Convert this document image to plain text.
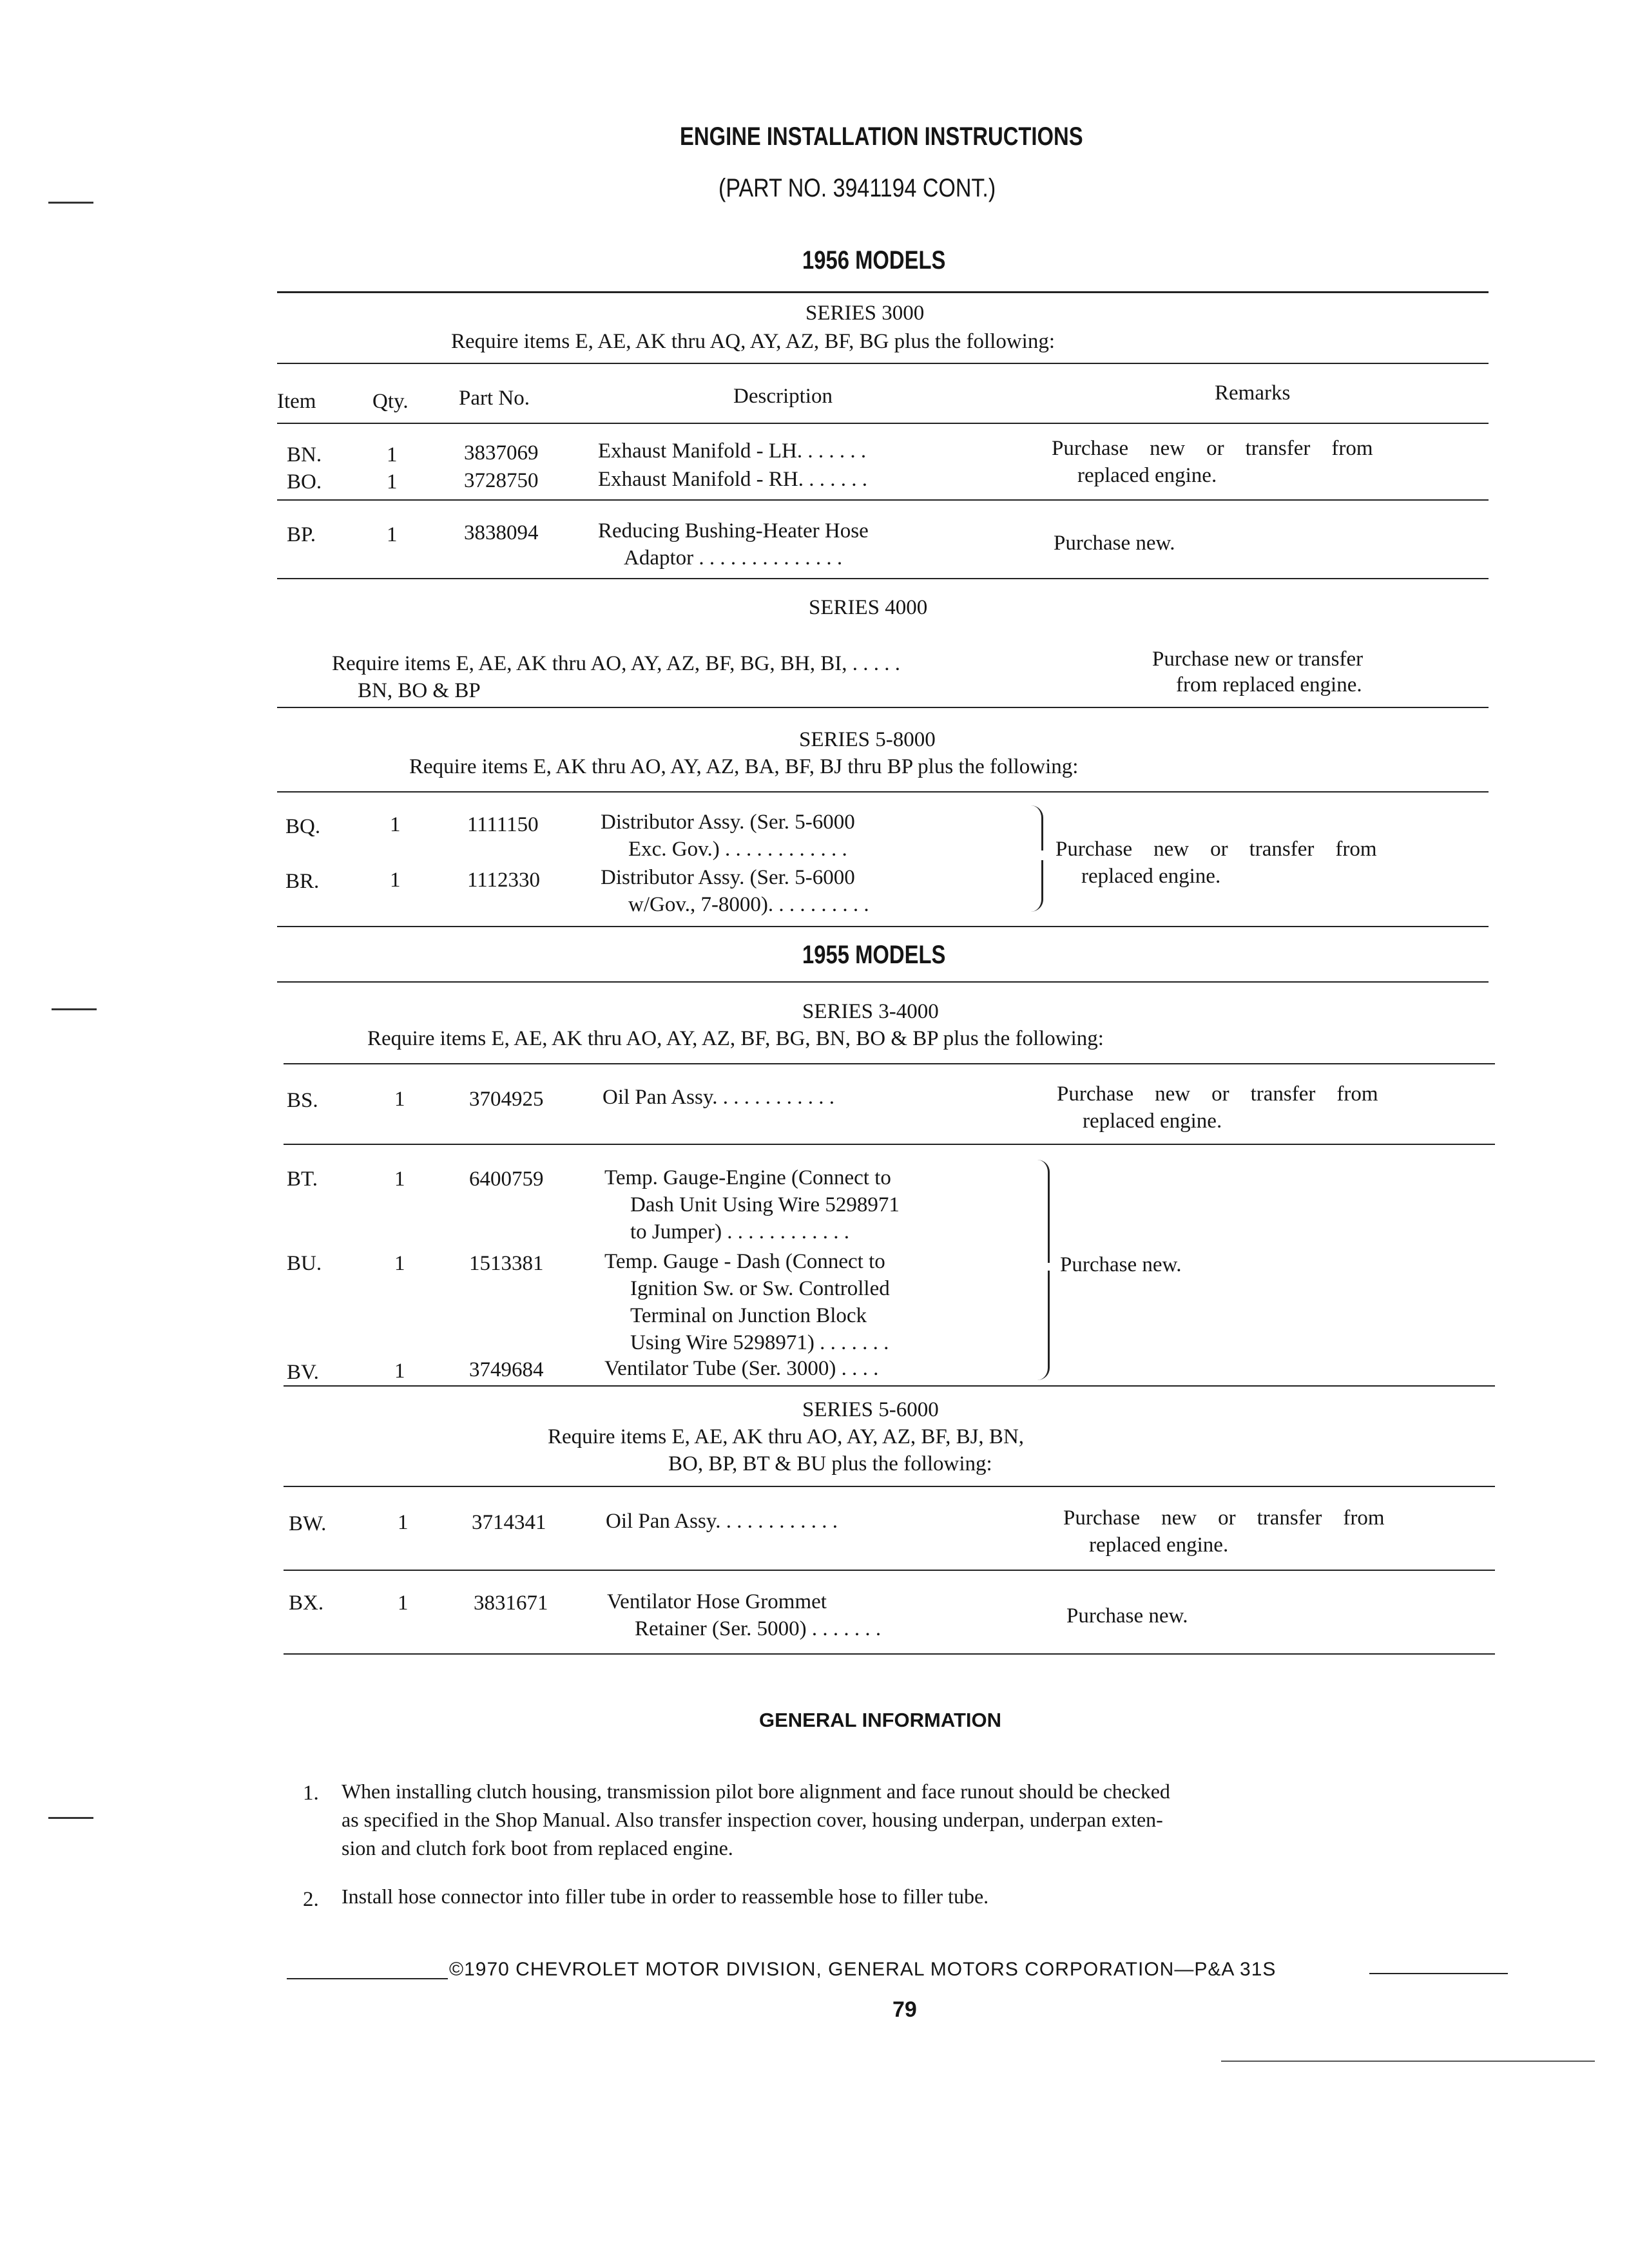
ENGINE INSTALLATION INSTRUCTIONS
(PART NO. 3941194 CONT.)
1956 MODELS
SERIES 3000
Require items E, AE, AK thru AQ, AY, AZ, BF, BG plus the following:
Item	Qty. Part No.	Description	Remarks
BN.	1	3837069	Exhaust Manifold - LH. . . . . . .	Purchase    new    or    transfer    from
BO.	1	3728750	Exhaust Manifold - RH. . . . . . .	replaced engine.
BP.	1	3838094	Reducing Bushing-Heater Hose
Adaptor . . . . . . . . . . . . . .
Purchase new.
SERIES 4000
Require items E, AE, AK thru AO, AY, AZ, BF, BG, BH, BI, . . . . .
BN, BO & BP
Purchase new or transfer
from replaced engine.
SERIES 5-8000
Require items E, AK thru AO, AY, AZ, BA, BF, BJ thru BP plus the following:
BQ.	1	1111150	Distributor Assy. (Ser. 5-6000
Exc. Gov.) . . . . . . . . . . . .
BR.	1	1112330	Distributor Assy. (Ser. 5-6000
w/Gov., 7-8000). . . . . . . . . .
Purchase    new    or    transfer    from
replaced engine.
1955 MODELS
SERIES 3-4000
Require items E, AE, AK thru AO, AY, AZ, BF, BG, BN, BO & BP plus the following:
BS.	1	3704925	Oil Pan Assy. . . . . . . . . . . .	Purchase    new    or    transfer    from
replaced engine.
BT.	1	6400759	Temp. Gauge-Engine (Connect to
Dash Unit Using Wire 5298971
to Jumper) . . . . . . . . . . . .
BU.	1	1513381	Temp. Gauge - Dash (Connect to
Ignition Sw. or Sw. Controlled
Terminal on Junction Block
Using Wire 5298971) . . . . . . .
BV.	1	3749684	Ventilator Tube (Ser. 3000) . . . .
Purchase new.
SERIES 5-6000
Require items E, AE, AK thru AO, AY, AZ, BF, BJ, BN,
BO, BP, BT & BU plus the following:
BW.	1	3714341	Oil Pan Assy. . . . . . . . . . . .	Purchase    new    or    transfer    from
replaced engine.
BX.	1	3831671	Ventilator Hose Grommet
Retainer (Ser. 5000) . . . . . . .
Purchase new.
GENERAL INFORMATION
1. When installing clutch housing, transmission pilot bore alignment and face runout should be checked
as specified in the Shop Manual. Also transfer inspection cover, housing underpan, underpan exten-
sion and clutch fork boot from replaced engine.
2. Install hose connector into filler tube in order to reassemble hose to filler tube.
©1970 CHEVROLET MOTOR DIVISION, GENERAL MOTORS CORPORATION—P&A 31S
79
